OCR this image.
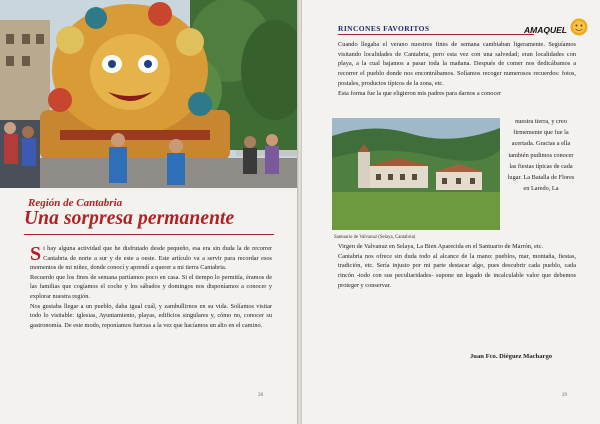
Región de Cantabria
Una sorpresa permanente

Si hay alguna actividad que he disfrutado desde pequeño, esa era sin duda la de recorrer Cantabria de norte a sur y de este a oeste. Este artículo va a servir para recordar esos momentos de mi niñez, donde conocí y aprendí a querer a mi tierra Cantabria.

Recuerdo que los fines de semana partíamos poco en casa. Si el tiempo lo permitía, éramos de las familias que cogíamos el coche y los sábados y domingos nos disponíamos a conocer y explorar nuestra región.

Nos gustaba llegar a un pueblo, daba igual cuál, y zambullirnos en su vida. Solíamos visitar todo lo visitable: iglesias, Ayuntamiento, playas, edificios singulares y, cómo no, conocer su gastronomía. De este modo, reponíamos fuerzas a la vez que hacíamos un alto en el camino.

28
RINCONES FAVORITOS	AMAQUEL

Cuando llegaba el verano nuestros fines de semana cambiaban ligeramente. Seguíamos visitando localidades de Cantabria, pero esta vez con una salvedad; eran localidades con playa, a la cual bajamos a pasar toda la mañana. Después de comer nos dedicábamos a recorrer el pueblo donde nos encontrábamos. Solíamos recoger numerosos recuerdos: fotos, postales, productos típicos de la zona, etc.

Esta forma fue la que eligieron mis padres para darnos a conocer

Santuario de Valvanuz (Selaya, Cantabria)
nuestra tierra, y creo firmemente que fue la acertada. Gracias a ella también pudimos conocer las fiestas típicas de cada lugar. La Batalla de Flores en Laredo, La

Virgen de Valvanuz en Selaya, La Bien Aparecida en el Santuario de Marrón, etc.

Cantabria nos ofrece sin duda todo al alcance de la mano: pueblos, mar, montaña, fiestas, tradición, etc. Sería injusto por mi parte destacar algo, pues descubrir cada pueblo, cada rincón -todo con sus peculiaridades- supone un legado de incalculable valor que debemos proteger y conservar.

Juan Fco. Diéguez Machargo
29
